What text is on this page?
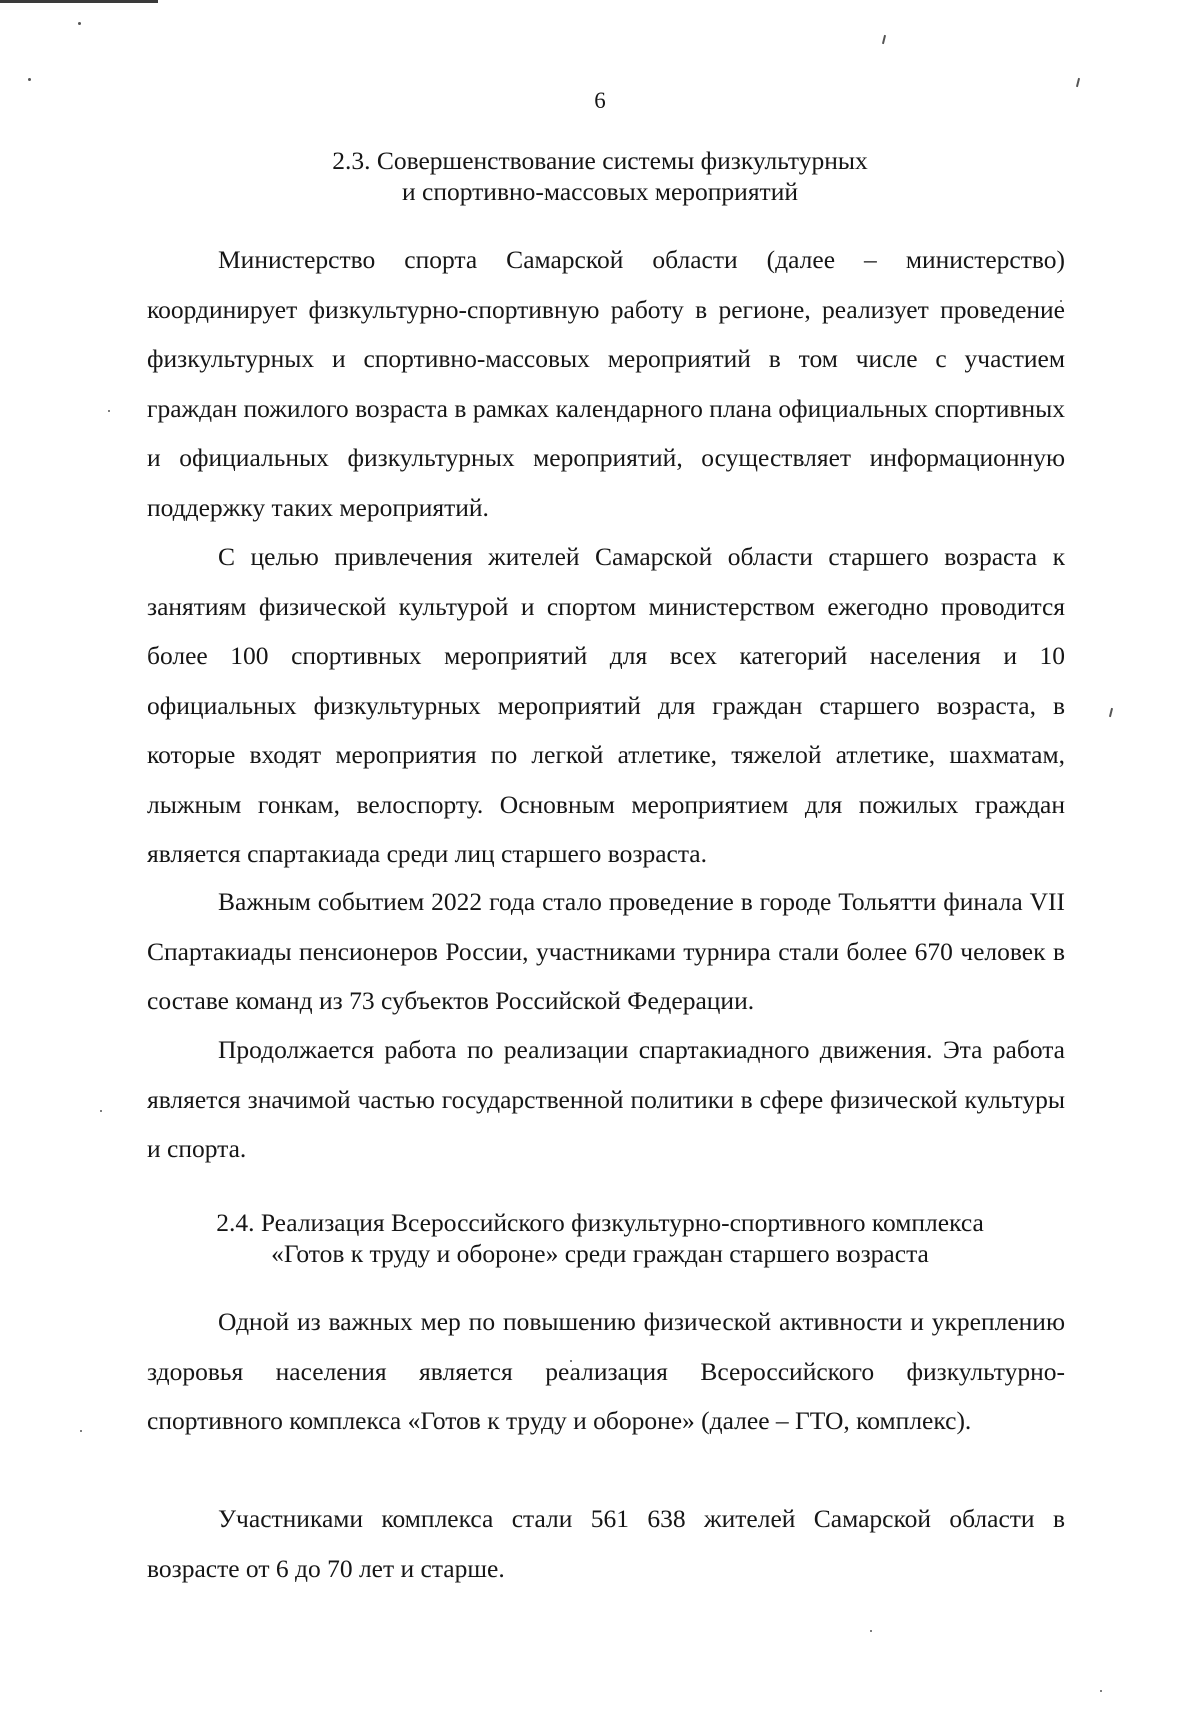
6
2.3. Совершенствование системы физкультурных
и спортивно-массовых мероприятий

Министерство спорта Самарской области (далее – министерство) координирует физкультурно-спортивную работу в регионе, реализует проведение физкультурных и спортивно-массовых мероприятий в том числе с участием граждан пожилого возраста в рамках календарного плана официальных спортивных и официальных физкультурных мероприятий, осуществляет информационную поддержку таких мероприятий.

С целью привлечения жителей Самарской области старшего возраста к занятиям физической культурой и спортом министерством ежегодно проводится более 100 спортивных мероприятий для всех категорий населения и 10 официальных физкультурных мероприятий для граждан старшего возраста, в которые входят мероприятия по легкой атлетике, тяжелой атлетике, шахматам, лыжным гонкам, велоспорту. Основным мероприятием для пожилых граждан является спартакиада среди лиц старшего возраста.

Важным событием 2022 года стало проведение в городе Тольятти финала VII Спартакиады пенсионеров России, участниками турнира стали более 670 человек в составе команд из 73 субъектов Российской Федерации.

Продолжается работа по реализации спартакиадного движения. Эта работа является значимой частью государственной политики в сфере физической культуры и спорта.

2.4. Реализация Всероссийского физкультурно-спортивного комплекса
«Готов к труду и обороне» среди граждан старшего возраста

Одной из важных мер по повышению физической активности и укреплению здоровья населения является реализация Всероссийского физкультурно-спортивного комплекса «Готов к труду и обороне» (далее – ГТО, комплекс).

Участниками комплекса стали 561 638 жителей Самарской области в возрасте от 6 до 70 лет и старше.
